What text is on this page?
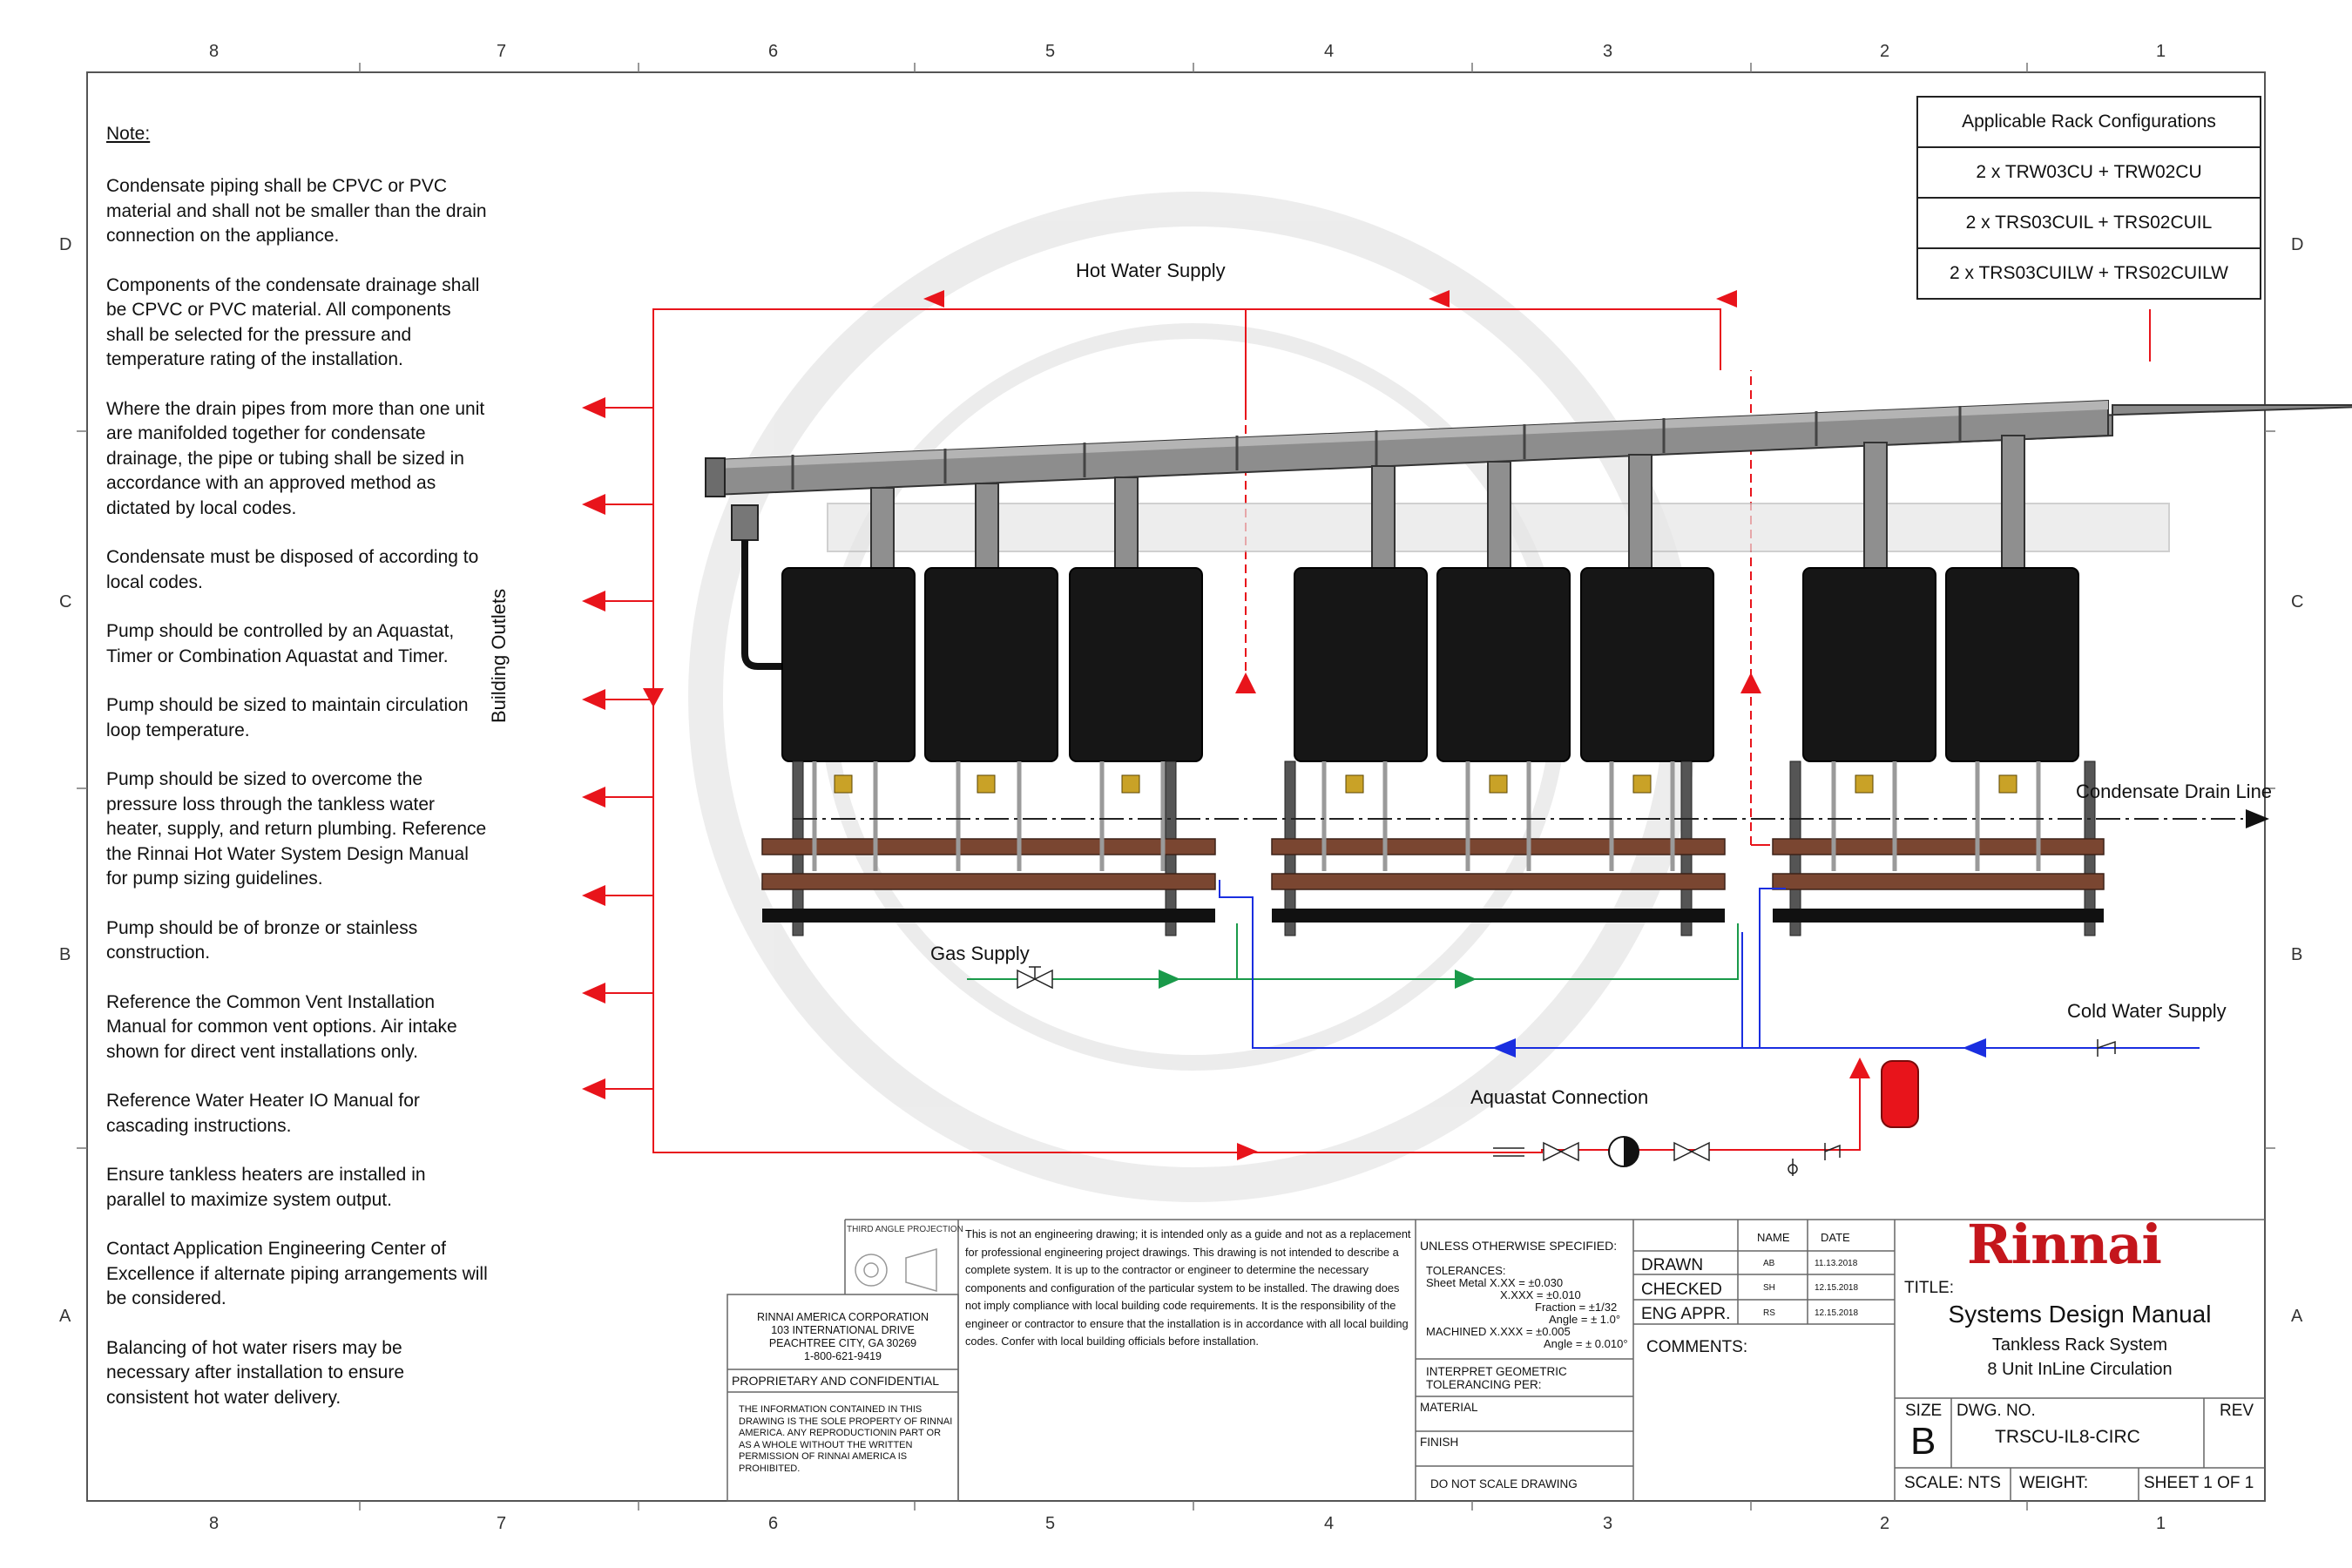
8	7	6	5	4	3	2	1
8	7	6	5	4	3	2	1
D
C
B
A
D
C
B
A
Note:

Condensate piping shall be CPVC or PVC material and shall not be smaller than the drain connection on the appliance.

Components of the condensate drainage shall be CPVC or PVC material. All components shall be selected for the pressure and temperature rating of the installation.

Where the drain pipes from more than one unit are manifolded together for condensate drainage, the pipe or tubing shall be sized in accordance with an approved method as dictated by local codes.

Condensate must be disposed of according to local codes.

Pump should be controlled by an Aquastat, Timer or Combination Aquastat and Timer.

Pump should be sized to maintain circulation loop temperature.

Pump should be sized to overcome the pressure loss through the tankless water heater, supply, and return plumbing. Reference the Rinnai Hot Water System Design Manual for pump sizing guidelines.

Pump should be of bronze or stainless construction.

Reference the Common Vent Installation Manual for common vent options. Air intake shown for direct vent installations only.

Reference Water Heater IO Manual for cascading instructions.

Ensure tankless heaters are installed in parallel to maximize system output.

Contact Application Engineering Center of Excellence if alternate piping arrangements will be considered.

Balancing of hot water risers may be necessary after installation to ensure consistent hot water delivery.

Applicable Rack Configurations
2 x TRW03CU + TRW02CU
2 x TRS03CUIL + TRS02CUIL
2 x TRS03CUILW + TRS02CUILW
Hot Water Supply
Building Outlets
Condensate Drain Line
Gas Supply
Cold Water Supply
Aquastat Connection
THIRD ANGLE PROJECTION This is not an engineering drawing; it is intended only as a guide and not as a replacement for professional engineering project drawings. This drawing is not intended to describe a complete system. It is up to the contractor or engineer to determine the necessary components and configuration of the particular system to be installed. The drawing does not imply compliance with local building code requirements. It is the responsibility of the engineer or contractor to ensure that the installation is in accordance with all local building codes. Confer with local building officials before installation.
RINNAI AMERICA CORPORATION
103 INTERNATIONAL DRIVE
PEACHTREE CITY, GA 30269
1-800-621-9419
PROPRIETARY AND CONFIDENTIAL
THE INFORMATION CONTAINED IN THIS DRAWING IS THE SOLE PROPERTY OF RINNAI AMERICA. ANY REPRODUCTIONIN PART OR AS A WHOLE WITHOUT THE WRITTEN PERMISSION OF RINNAI AMERICA IS PROHIBITED.
UNLESS OTHERWISE SPECIFIED:
TOLERANCES:
Sheet Metal X.XX = ±0.030
X.XXX = ±0.010
Fraction = ±1/32
Angle = ± 1.0°
MACHINED X.XXX = ±0.005
Angle = ± 0.010°
INTERPRET GEOMETRIC TOLERANCING PER:
MATERIAL
FINISH
DO NOT SCALE DRAWING
NAME	DATE
DRAWN	AB	11.13.2018
CHECKED	SH	12.15.2018
ENG APPR.	RS	12.15.2018
COMMENTS:
Rinnai
TITLE:
Systems Design Manual
Tankless Rack System
8 Unit InLine Circulation
SIZE
B
DWG. NO.
TRSCU-IL8-CIRC
REV
SCALE: NTS WEIGHT:	SHEET 1 OF 1
